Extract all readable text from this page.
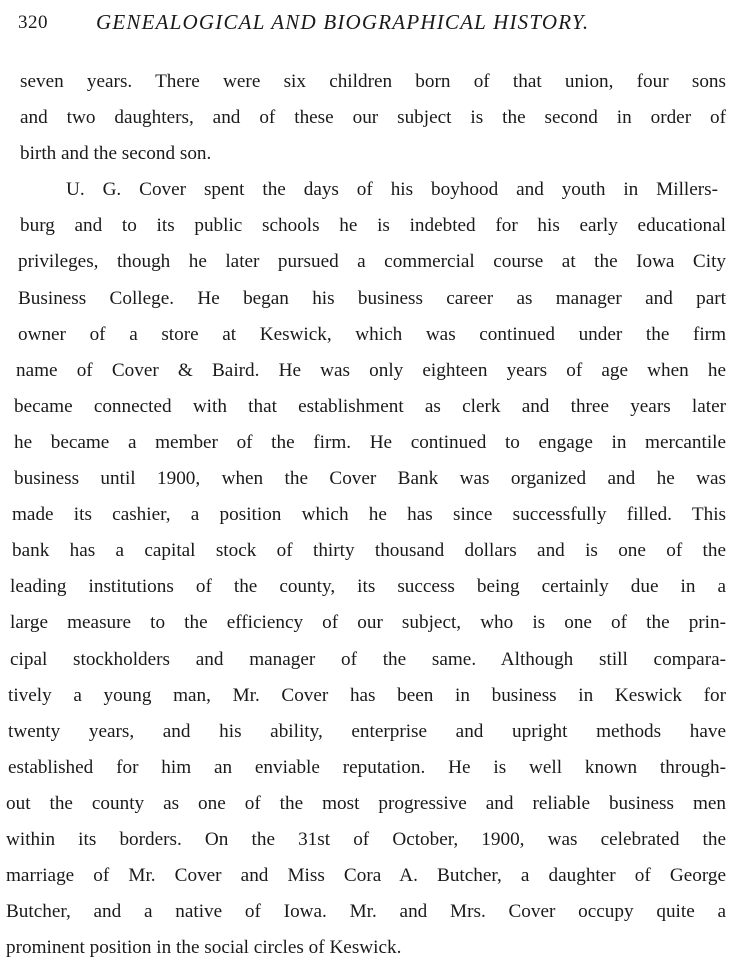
320 GENEALOGICAL AND BIOGRAPHICAL HISTORY.
seven years. There were six children born of that union, four sons
and two daughters, and of these our subject is the second in order of
birth and the second son.
U. G. Cover spent the days of his boyhood and youth in Millers-
burg and to its public schools he is indebted for his early educational
privileges, though he later pursued a commercial course at the Iowa City
Business College. He began his business career as manager and part
owner of a store at Keswick, which was continued under the firm
name of Cover & Baird. He was only eighteen years of age when he
became connected with that establishment as clerk and three years later
he became a member of the firm. He continued to engage in mercantile
business until 1900, when the Cover Bank was organized and he was
made its cashier, a position which he has since successfully filled. This
bank has a capital stock of thirty thousand dollars and is one of the
leading institutions of the county, its success being certainly due in a
large measure to the efficiency of our subject, who is one of the prin-
cipal stockholders and manager of the same. Although still compara-
tively a young man, Mr. Cover has been in business in Keswick for
twenty years, and his ability, enterprise and upright methods have
established for him an enviable reputation. He is well known through-
out the county as one of the most progressive and reliable business men
within its borders. On the 31st of October, 1900, was celebrated the
marriage of Mr. Cover and Miss Cora A. Butcher, a daughter of George
Butcher, and a native of Iowa. Mr. and Mrs. Cover occupy quite a
prominent position in the social circles of Keswick.
